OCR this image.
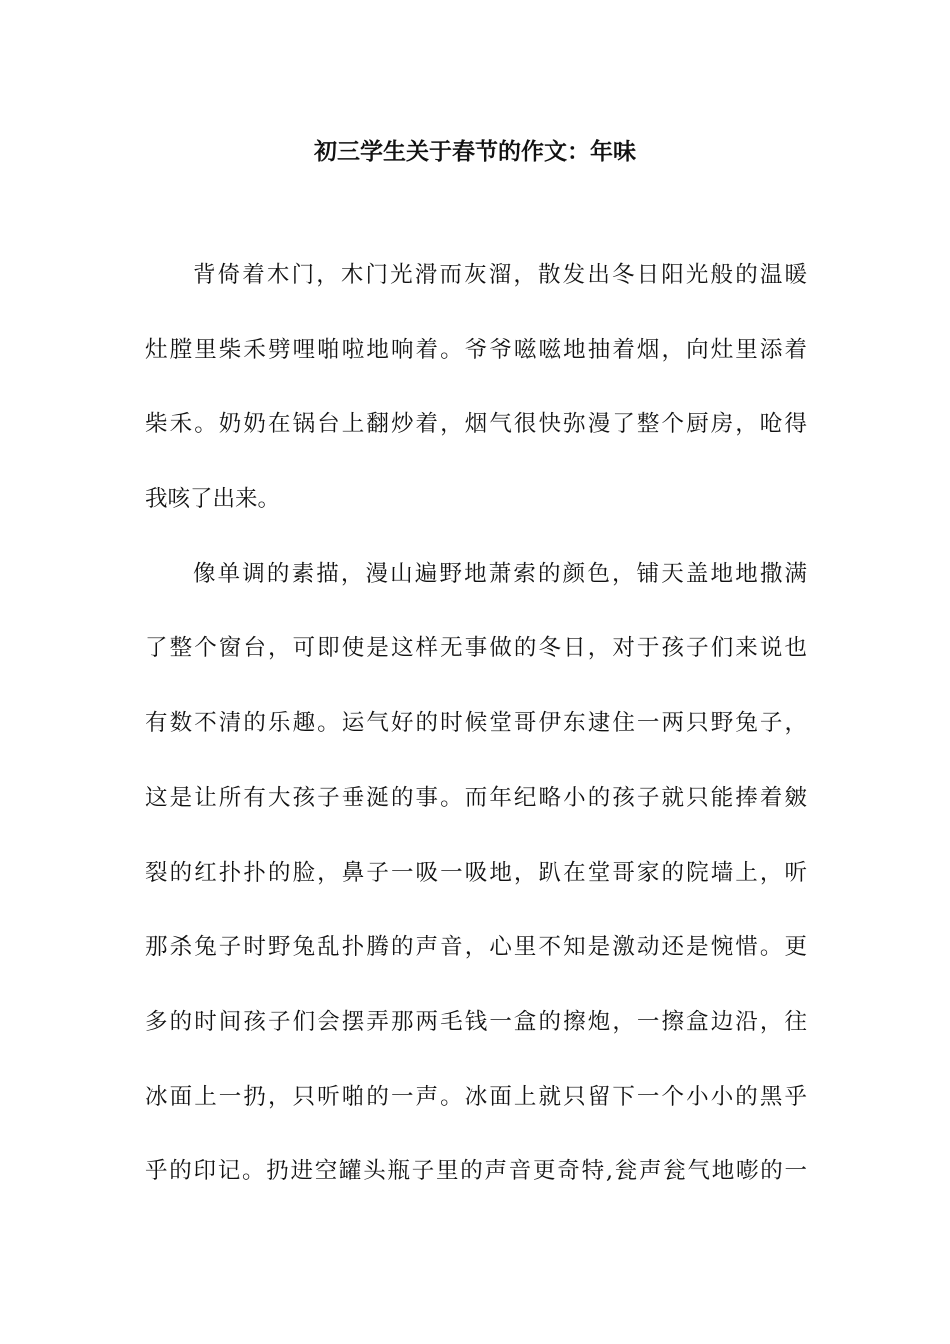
初三学生关于春节的作文：年味
背倚着木门，木门光滑而灰溜，散发出冬日阳光般的温暖
灶膛里柴禾劈哩啪啦地响着。爷爷嗞嗞地抽着烟，向灶里添着
柴禾。奶奶在锅台上翻炒着，烟气很快弥漫了整个厨房，呛得
我咳了出来。
像单调的素描，漫山遍野地萧索的颜色，铺天盖地地撒满
了整个窗台，可即使是这样无事做的冬日，对于孩子们来说也
有数不清的乐趣。运气好的时候堂哥伊东逮住一两只野兔子，
这是让所有大孩子垂涎的事。而年纪略小的孩子就只能捧着皴
裂的红扑扑的脸，鼻子一吸一吸地，趴在堂哥家的院墙上，听
那杀兔子时野兔乱扑腾的声音，心里不知是激动还是惋惜。更
多的时间孩子们会摆弄那两毛钱一盒的擦炮，一擦盒边沿，往
冰面上一扔，只听啪的一声。冰面上就只留下一个小小的黑乎
乎的印记。扔进空罐头瓶子里的声音更奇特,瓮声瓮气地嘭的一
